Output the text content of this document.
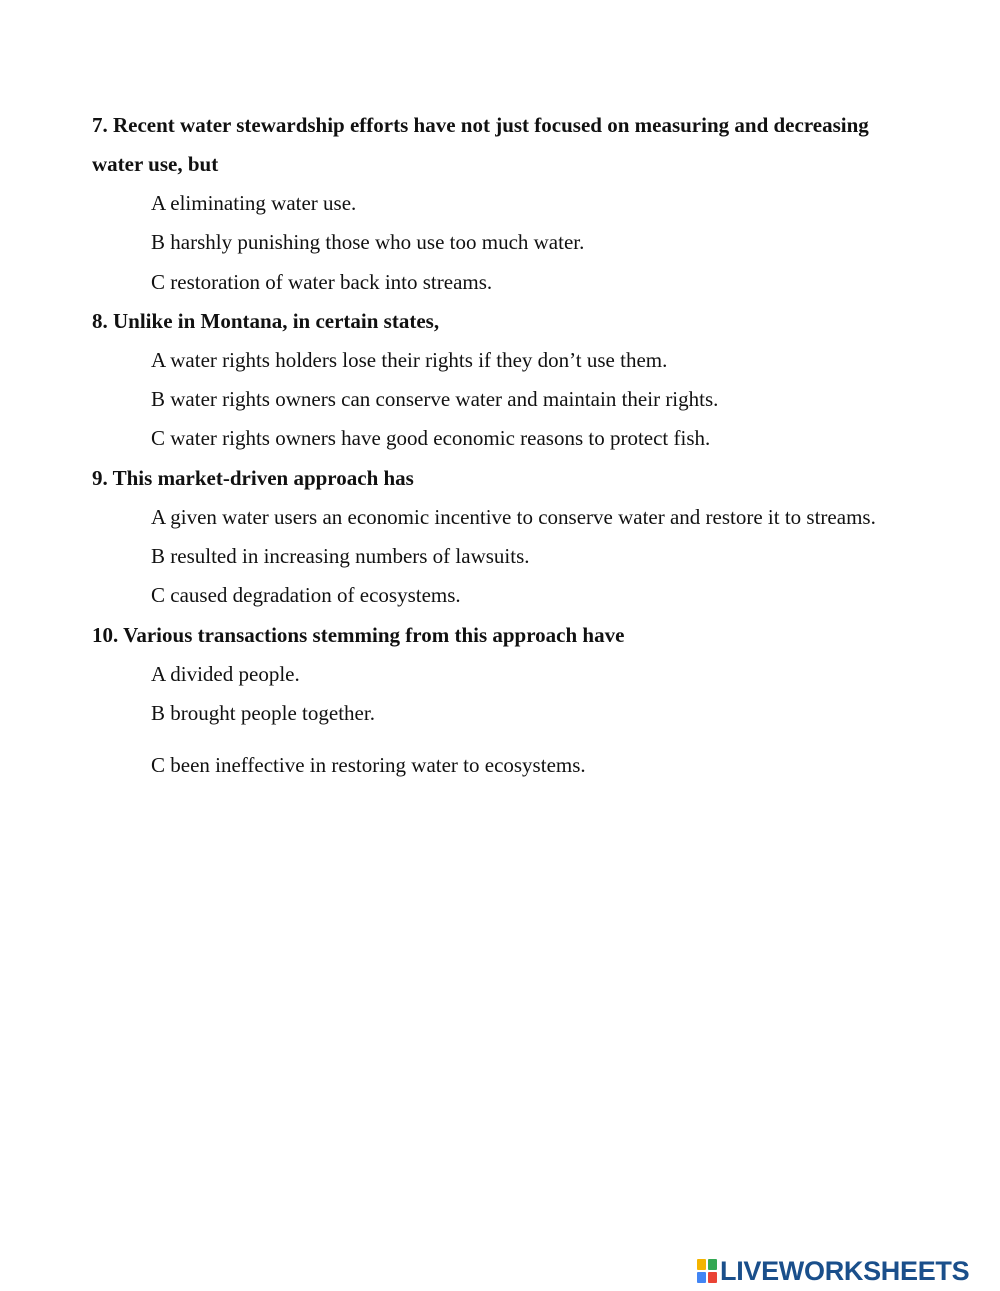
7. Recent water stewardship efforts have not just focused on measuring and decreasing water use, but

A eliminating water use.

B harshly punishing those who use too much water.

C restoration of water back into streams.

8. Unlike in Montana, in certain states,

A water rights holders lose their rights if they don’t use them.

B water rights owners can conserve water and maintain their rights.

C water rights owners have good economic reasons to protect fish.

9. This market-driven approach has

A given water users an economic incentive to conserve water and restore it to streams.

B resulted in increasing numbers of lawsuits.

C caused degradation of ecosystems.

10. Various transactions stemming from this approach have

A divided people.

B brought people together.

C been ineffective in restoring water to ecosystems.

LIVEWORKSHEETS
